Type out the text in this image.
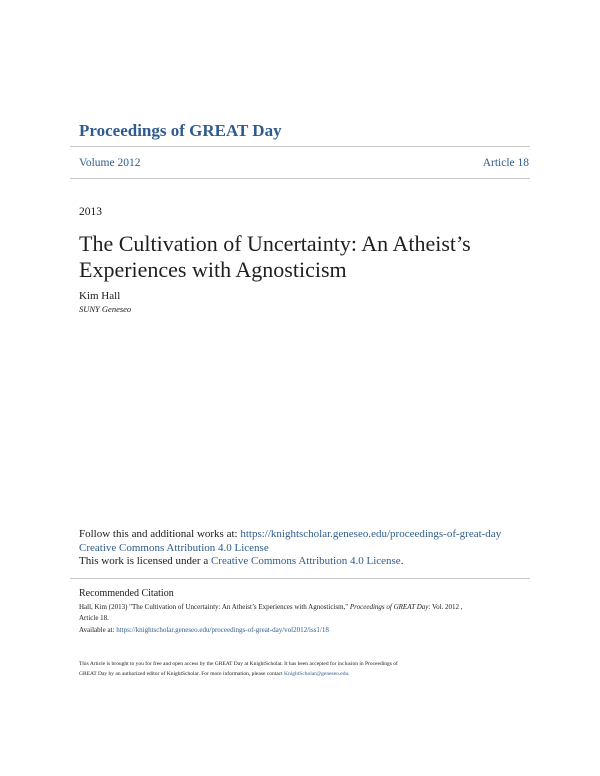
Proceedings of GREAT Day
Volume 2012	Article 18
2013
The Cultivation of Uncertainty: An Atheist’s Experiences with Agnosticism
Kim Hall
SUNY Geneseo
Follow this and additional works at: https://knightscholar.geneseo.edu/proceedings-of-great-day
Creative Commons Attribution 4.0 License
This work is licensed under a Creative Commons Attribution 4.0 License.
Recommended Citation
Hall, Kim (2013) "The Cultivation of Uncertainty: An Atheist’s Experiences with Agnosticism," Proceedings of GREAT Day: Vol. 2012 ,
Article 18.
Available at: https://knightscholar.geneseo.edu/proceedings-of-great-day/vol2012/iss1/18
This Article is brought to you for free and open access by the GREAT Day at KnightScholar. It has been accepted for inclusion in Proceedings of
GREAT Day by an authorized editor of KnightScholar. For more information, please contact KnightScholar@geneseo.edu.
